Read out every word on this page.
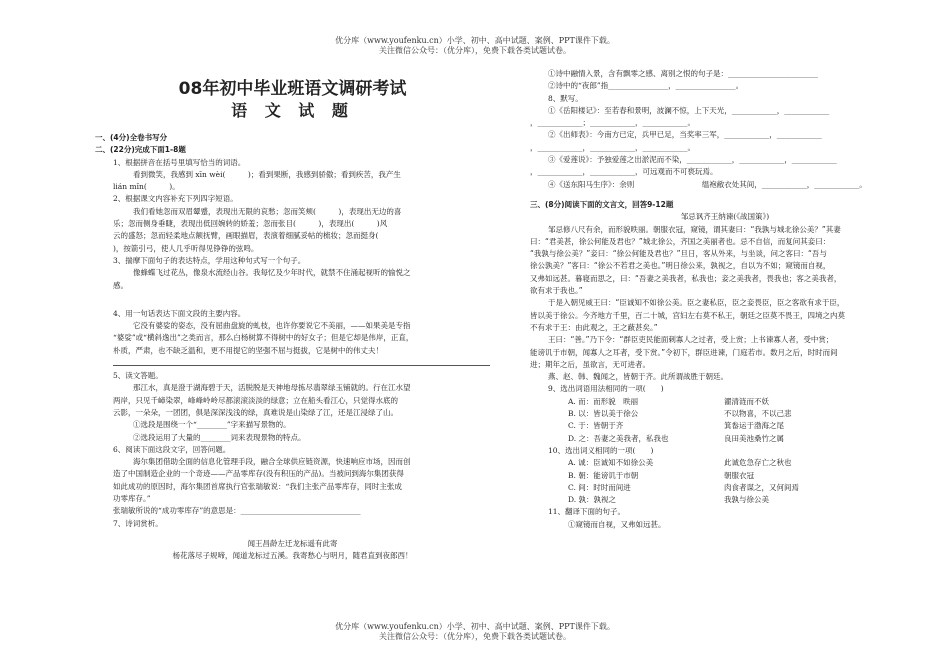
优分库（www.youfenku.cn）小学、初中、高中试题、案例、PPT课件下载。
关注微信公众号：（优分库），免费下载各类试题试卷。
08年初中毕业班语文调研考试
语 文 试 题

一、(4分)全卷书写分

二、(22分)完成下面1-8题

1、根据拼音在括号里填写恰当的词语。

看到微笑，我感到 xīn wèi(　　　)；看到果断，我感到骄傲；看到疾苦，我产生

lián mǐn(　　　)。

2、根据课文内容补充下列四字短语。

我们看她忽而双眉颦蹙，表现出无限的哀愁；忽而笑颊(　　　)，表现出无边的喜

乐；忽而侧身垂睫，表现出低回婉转的娇羞；忽而张目(　　　)，表现出(　　　)风

云的盛怒；忽而轻柔地点额抚臂，画眼描眉，表演着细腻妥帖的梳妆；忽而挺身(

)，按箭引弓，使人几乎听得见铮铮的弦鸣。

3、揣摩下面句子的表达特点，学用这种句式写一个句子。

像蜂蝶飞过花丛，像泉水流经山谷。我每忆及少年时代，就禁不住涌起视听的愉悦之

感。

4、用一句话表达下面文段的主要内容。

它没有婆娑的姿态，没有屈曲盘旋的虬枝，也许你要说它不美丽，——如果美是专指

“婆娑”或“横斜逸出”之类而言，那么白杨树算不得树中的好女子；但是它却是伟岸，正直，

朴质，严肃，也不缺乏温和，更不用提它的坚强不屈与挺拔，它是树中的伟丈夫！

5、读文答题。

那江水，真是澄于湖海碧于天，活脱脱是天神地母拣尽翡翠绿玉铺就的。行在江水望

两岸，只见千嶂染翠，峰峰岭岭尽都滚滚淡淡的绿意；立在船头看江心，只觉得水底的

云影，一朵朵，一团团，俱是深深浅浅的绿，真难说是山染绿了江，还是江浸绿了山。

①选段是围绕一个“________”字来描写景物的。

②选段运用了大量的________词来表现景物的特点。

6、阅读下面这段文字，回答问题。

海尔集团借助全面的信息化管理手段，融合全球供应链资源，快速响应市场，因而创

造了中国制造企业的一个奇迹——产品零库存(没有积压的产品)。当被问到海尔集团获得

如此成功的原因时，海尔集团首席执行官张瑞敏说：“我们主张产品零库存，同时主张成

功零库存。”

张瑞敏所说的“成功零库存”的意思是：________________________________

7、诗词赏析。

闻王昌龄左迁龙标遥有此寄

杨花落尽子规啼，闻道龙标过五溪。我寄愁心与明月，随君直到夜郎西！

①诗中融情入景，含有飘零之感、离别之恨的句子是：________________________

②诗中的“夜郎”指________________，________________。

8、默写。

①《岳阳楼记》：至若春和景明，波澜不惊，上下天光，____________，____________

，____________；____________，____________。

②《出师表》：今南方已定，兵甲已足，当奖率三军，____________，____________

，____________，____________，____________。

③《爱莲说》：予独爱莲之出淤泥而不染，____________，____________，____________

，____________，____________，可远观而不可亵玩焉。

④《送东阳马生序》：余则　　　　　　　　　缊袍敝衣处其间，____________，____________。

三、(8分)阅读下面的文言文，回答9-12题

邹忌讽齐王纳谏(《战国策》)

邹忌修八尺有余，而形貌昳丽。朝服衣冠，窥镜，谓其妻曰：“我孰与城北徐公美？”其妻

曰：“君美甚，徐公何能及君也？”城北徐公，齐国之美丽者也。忌不自信，而复问其妾曰：

“我孰与徐公美？”妾曰：“徐公何能及君也？”旦日，客从外来，与坐谈，问之客曰：“吾与

徐公孰美？”客曰：“徐公不若君之美也。”明日徐公来，孰视之，自以为不如；窥镜而自视，

又弗如远甚。暮寝而思之，曰：“吾妻之美我者，私我也；妾之美我者，畏我也；客之美我者，

欲有求于我也。”

于是入朝见威王曰：“臣诚知不如徐公美。臣之妻私臣，臣之妾畏臣，臣之客欲有求于臣，

皆以美于徐公。今齐地方千里，百二十城，宫妇左右莫不私王，朝廷之臣莫不畏王，四境之内莫

不有求于王：由此观之，王之蔽甚矣。”

王曰：“善。”乃下令：“群臣吏民能面刺寡人之过者，受上赏；上书谏寡人者，受中赏；

能谤讥于市朝，闻寡人之耳者，受下赏。”令初下，群臣进谏，门庭若市。数月之后，时时而间

进；期年之后，虽欲言，无可进者。

燕、赵、韩、魏闻之，皆朝于齐。此所谓战胜于朝廷。

9、选出词语用法相同的一项(　　)

A. 而：而形貌　昳丽	濯清涟而不妖
B. 以：皆以美于徐公	不以物喜，不以己悲
C. 于：皆朝于齐	箕畚运于渤海之尾
D. 之：吾妻之美我者，私我也	良田美池桑竹之属

10、选出词义相同的一项(　　)

A. 诚：臣诚知不如徐公美	此诚危急存亡之秋也
B. 朝：能谤讥于市朝	朝服衣冠
C. 间：时时而间进	肉食者谋之，又何间焉
D. 孰：孰视之	我孰与徐公美

11、翻译下面的句子。

①窥镜而自视，又弗如远甚。

优分库（www.youfenku.cn）小学、初中、高中试题、案例、PPT课件下载。
关注微信公众号：（优分库），免费下载各类试题试卷。
